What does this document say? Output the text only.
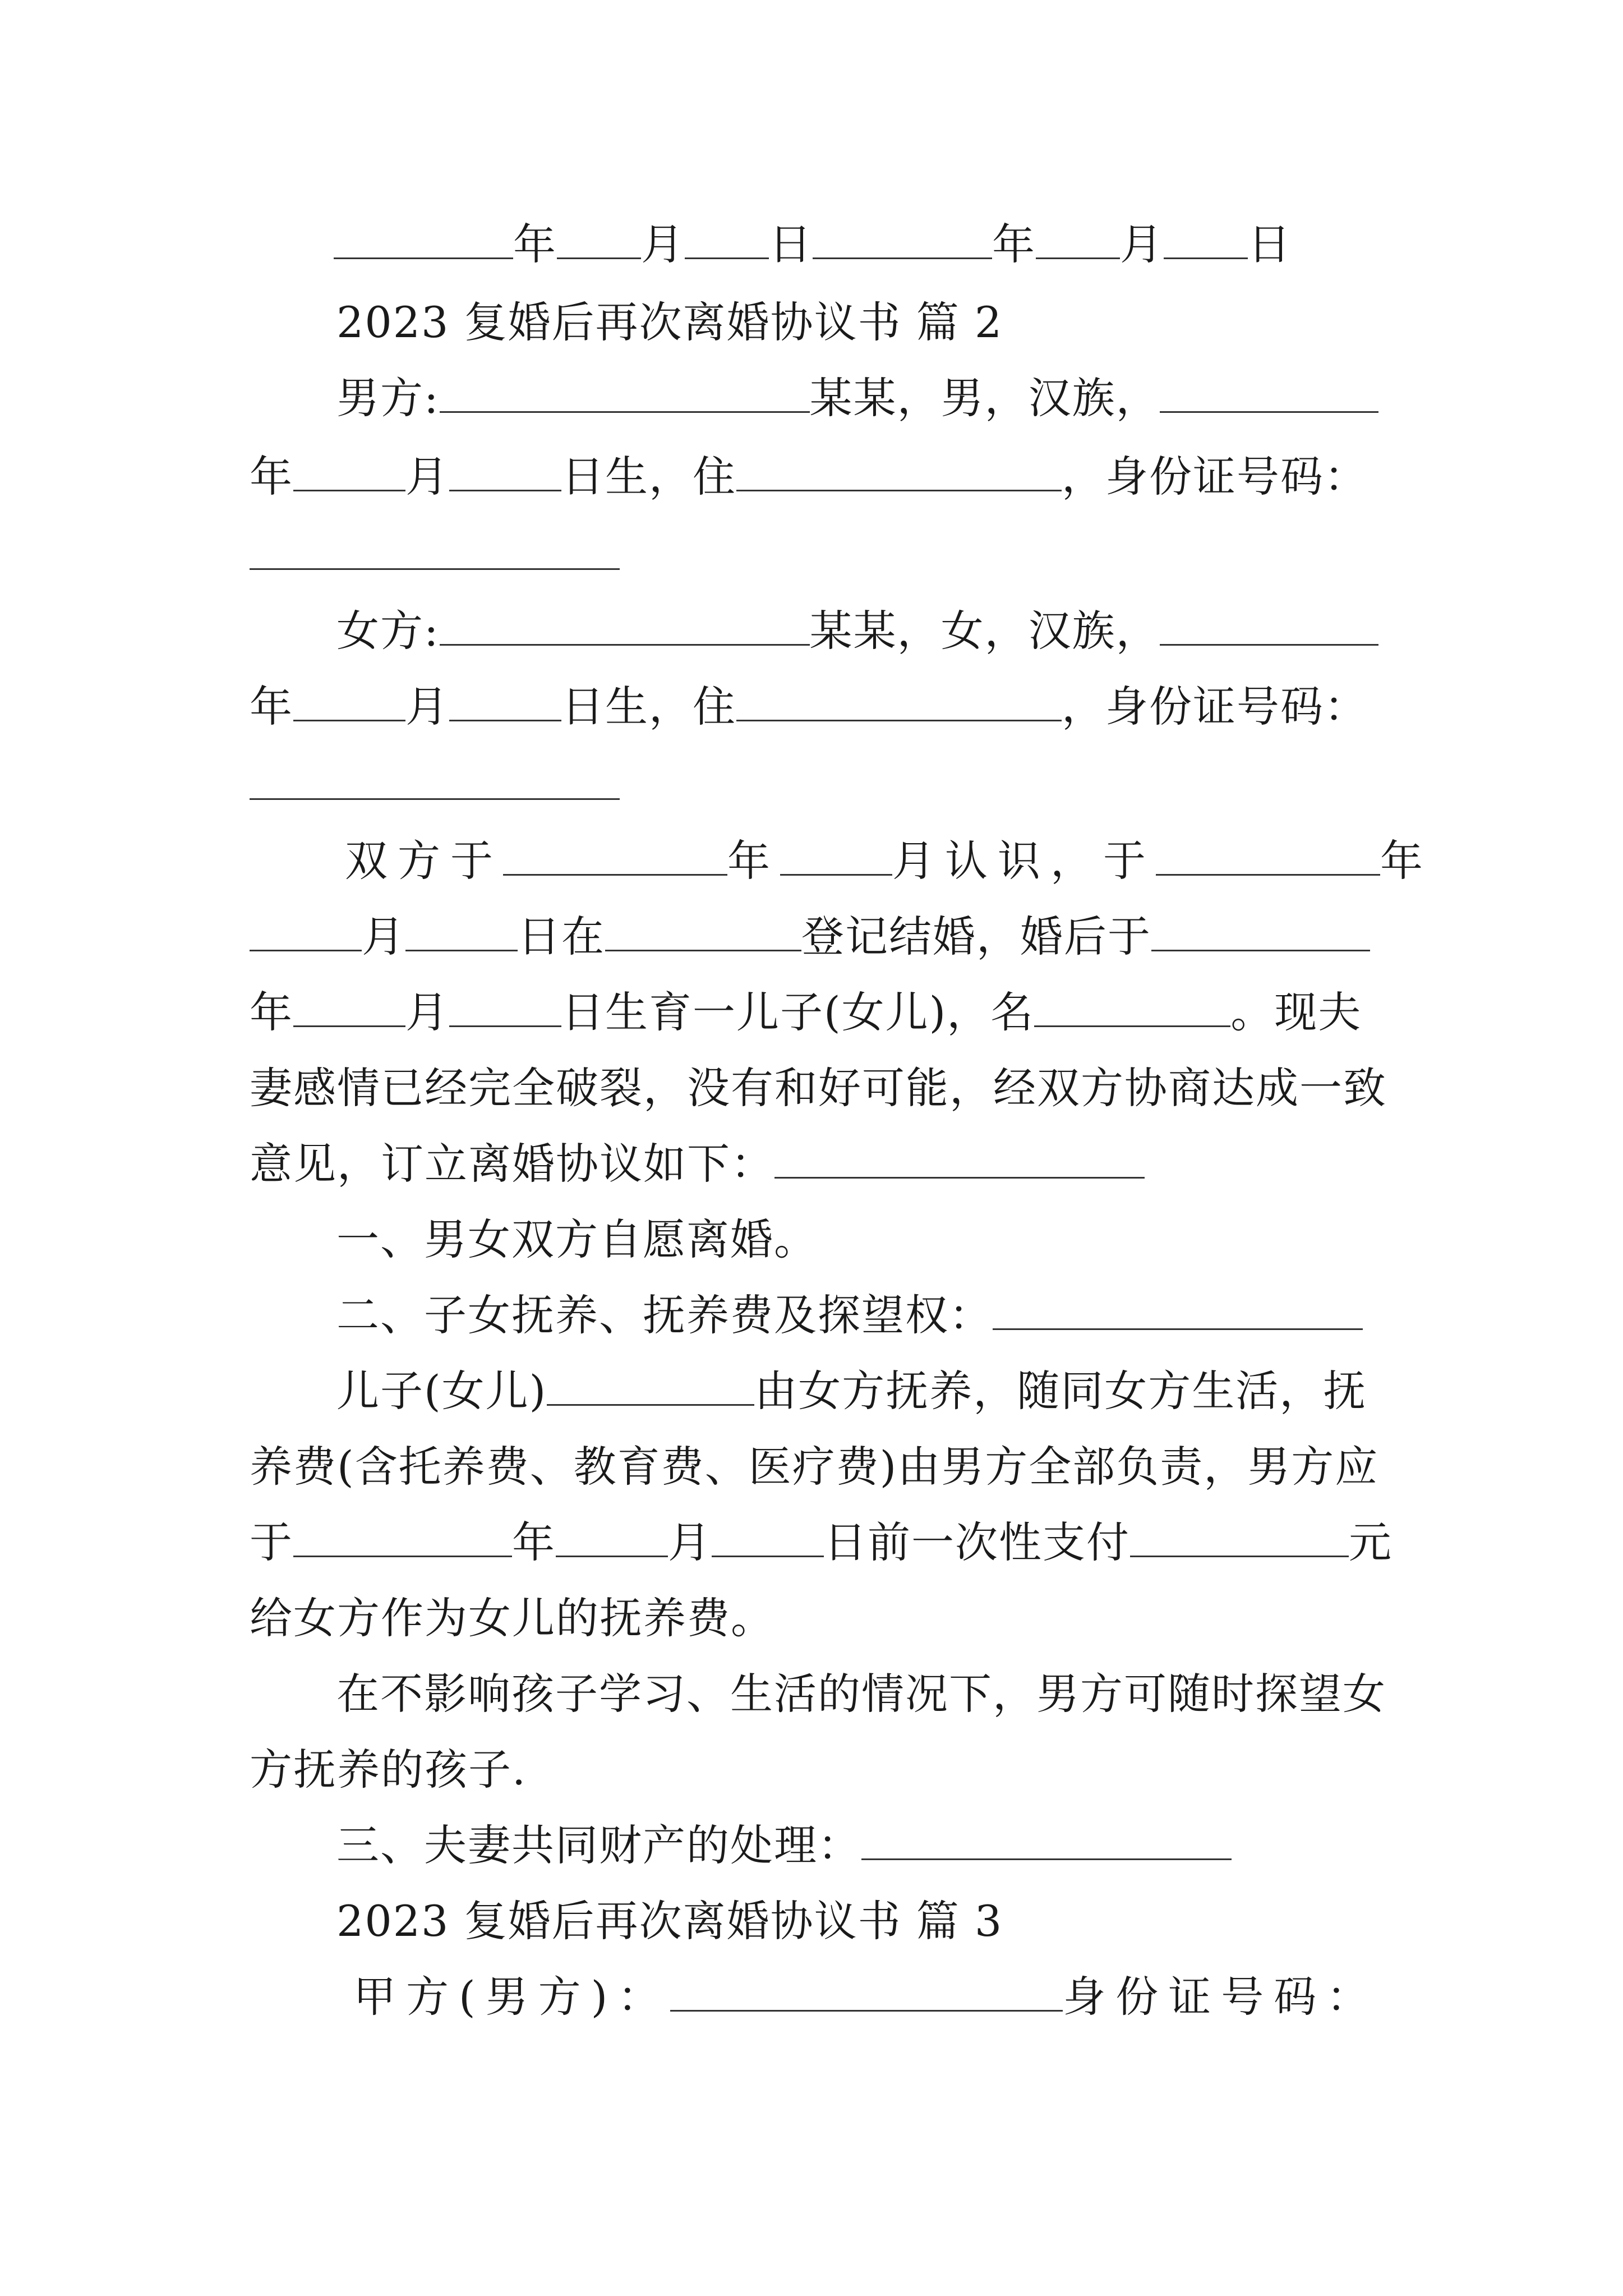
年 月 日	年 月 日
2023 复婚后再次离婚协议书 篇 2
男方:	某某，男，汉族，
年	月	日生，住	，身份证号码：
女方:	某某，女，汉族，
年	月	日生，住	，身份证号码：
双方于	年	月认识，于	年
月	日在	登记结婚，婚后于
年	月	日生育一儿子(女儿)，名	。现夫
妻感情已经完全破裂，没有和好可能，经双方协商达成一致
意见，订立离婚协议如下：
一、男女双方自愿离婚。
二、子女抚养、抚养费及探望权：
儿子(女儿)	由女方抚养，随同女方生活，抚
养费(含托养费、教育费、医疗费)由男方全部负责，男方应
于	年	月	日前一次性支付	元
给女方作为女儿的抚养费。
在不影响孩子学习、生活的情况下，男方可随时探望女
方抚养的孩子.
三、夫妻共同财产的处理：
2023 复婚后再次离婚协议书 篇 3
甲方(男方)：	身份证号码：
